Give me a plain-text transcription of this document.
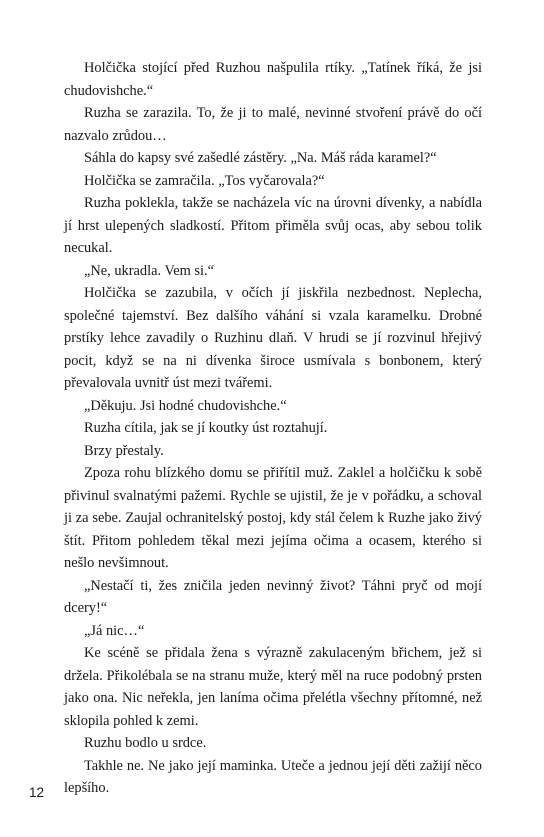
Holčička stojící před Ruzhou našpulila rtíky. „Tatínek říká, že jsi chudovishche.“

Ruzha se zarazila. To, že ji to malé, nevinné stvoření právě do očí nazvalo zrůdou…

Sáhla do kapsy své zašedlé zástěry. „Na. Máš ráda karamel?“

Holčička se zamračila. „Tos vyčarovala?“

Ruzha poklekla, takže se nacházela víc na úrovni dívenky, a nabídla jí hrst ulepených sladkostí. Přitom přiměla svůj ocas, aby sebou tolik necukal.

„Ne, ukradla. Vem si.“

Holčička se zazubila, v očích jí jiskřila nezbednost. Neplecha, společné tajemství. Bez dalšího váhání si vzala karamelku. Drobné prstíky lehce zavadily o Ruzhinu dlaň. V hrudi se jí rozvinul hřejivý pocit, když se na ni dívenka široce usmívala s bonbonem, který převalovala uvnitř úst mezi tvářemi.

„Děkuju. Jsi hodné chudovishche.“

Ruzha cítila, jak se jí koutky úst roztahují.

Brzy přestaly.

Zpoza rohu blízkého domu se přiřítil muž. Zaklel a holčičku k sobě přivinul svalnatými pažemi. Rychle se ujistil, že je v pořádku, a schoval ji za sebe. Zaujal ochranitelský postoj, kdy stál čelem k Ruzhe jako živý štít. Přitom pohledem těkal mezi jejíma očima a ocasem, kterého si nešlo nevšimnout.

„Nestačí ti, žes zničila jeden nevinný život? Táhni pryč od mojí dcery!“

„Já nic…“

Ke scéně se přidala žena s výrazně zakulaceným břichem, jež si držela. Přikolébala se na stranu muže, který měl na ruce podobný prsten jako ona. Nic neřekla, jen laníma očima přelétla všechny přítomné, než sklopila pohled k zemi.

Ruzhu bodlo u srdce.

Takhle ne. Ne jako její maminka. Uteče a jednou její děti zažijí něco lepšího.

12
